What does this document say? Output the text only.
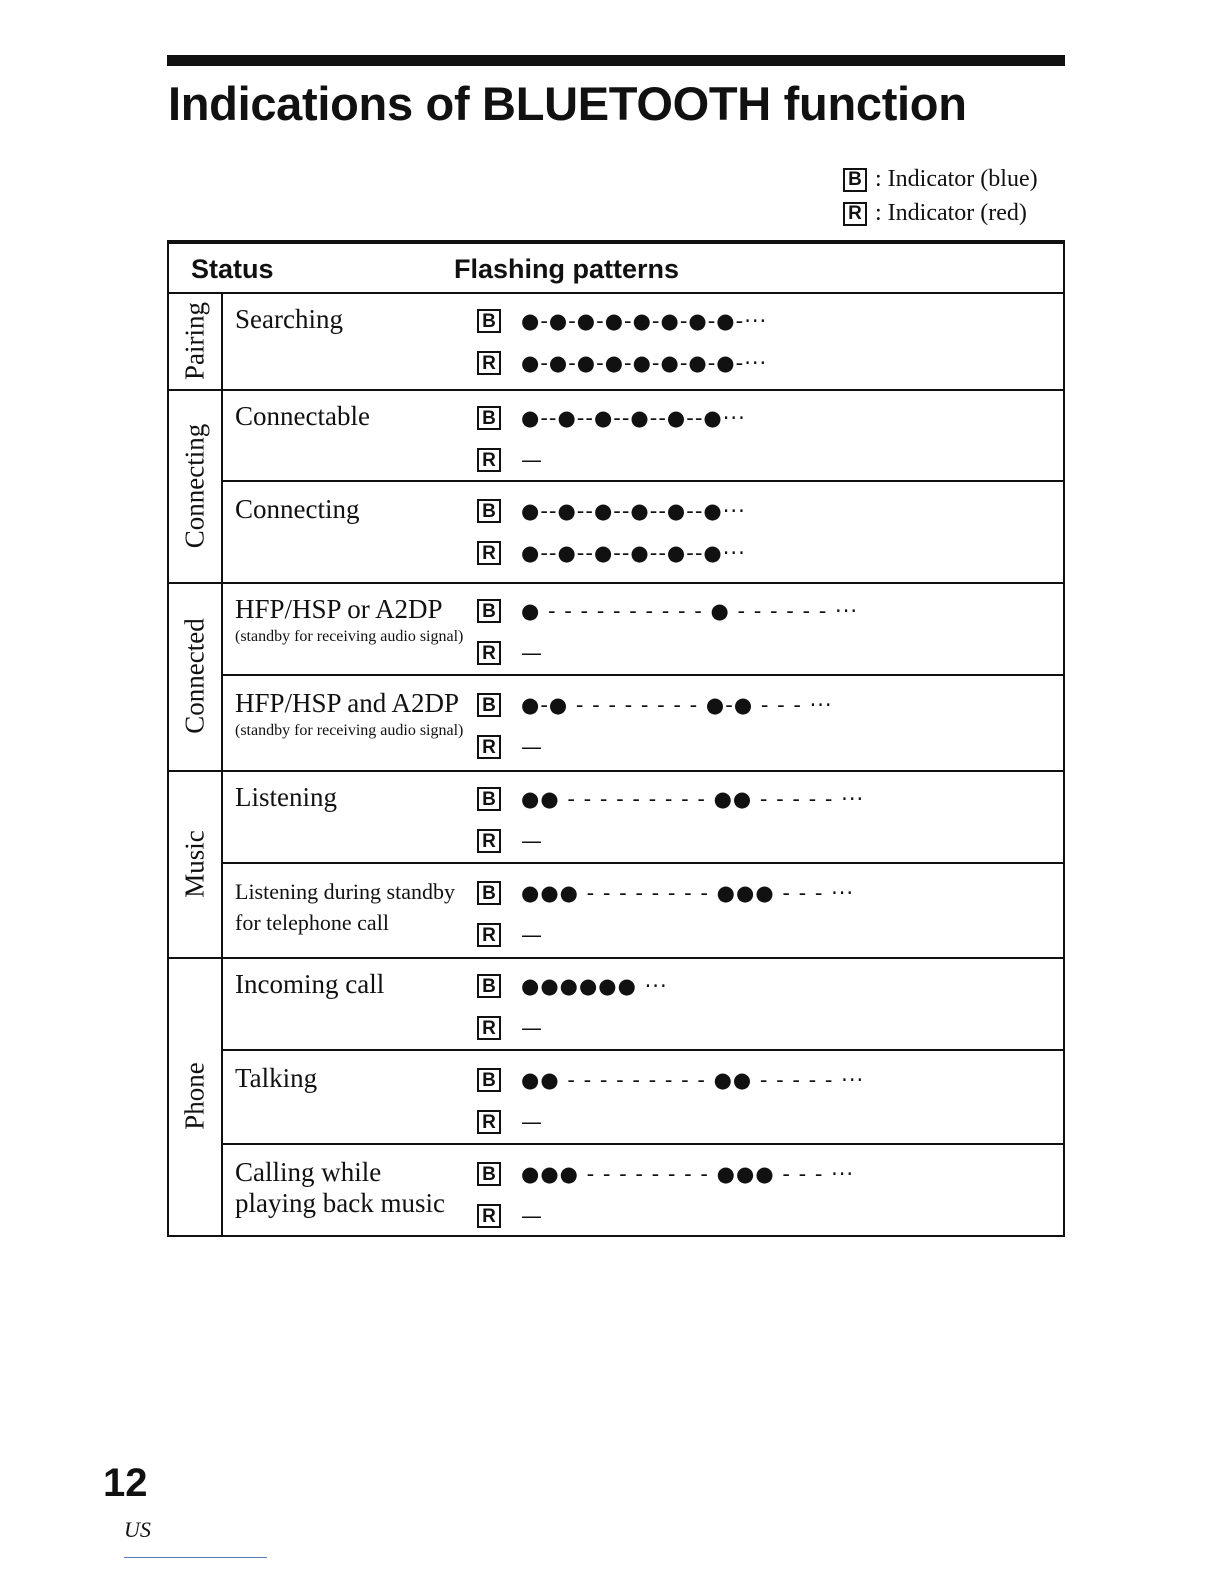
Indications of BLUETOOTH function
B : Indicator (blue)
R : Indicator (red)
Status	Flashing patterns
Pairing Searching	B ●-●-●-●-●-●-●-●-···
R ●-●-●-●-●-●-●-●-···
Connecting
Connectable	B ●--●--●--●--●--●···
R —
Connecting	B ●--●--●--●--●--●···
R ●--●--●--●--●--●···
Connected
HFP/HSP or A2DP
(standby for receiving audio signal)
B ● - - - - - - - - - - ● - - - - - - ···
R —
HFP/HSP and A2DP
(standby for receiving audio signal)
B ●-● - - - - - - - - ●-● - - - ···
R —
Music
Listening	B ●● - - - - - - - - - ●● - - - - - ···
R —
Listening during standby
for telephone call
B ●●● - - - - - - - - ●●● - - - ···
R —
Phone
Incoming call	B ●●●●●● ···
R —
Talking	B ●● - - - - - - - - - ●● - - - - - ···
R —
Calling while
playing back music
B ●●● - - - - - - - - ●●● - - - ···
R —
12
US
